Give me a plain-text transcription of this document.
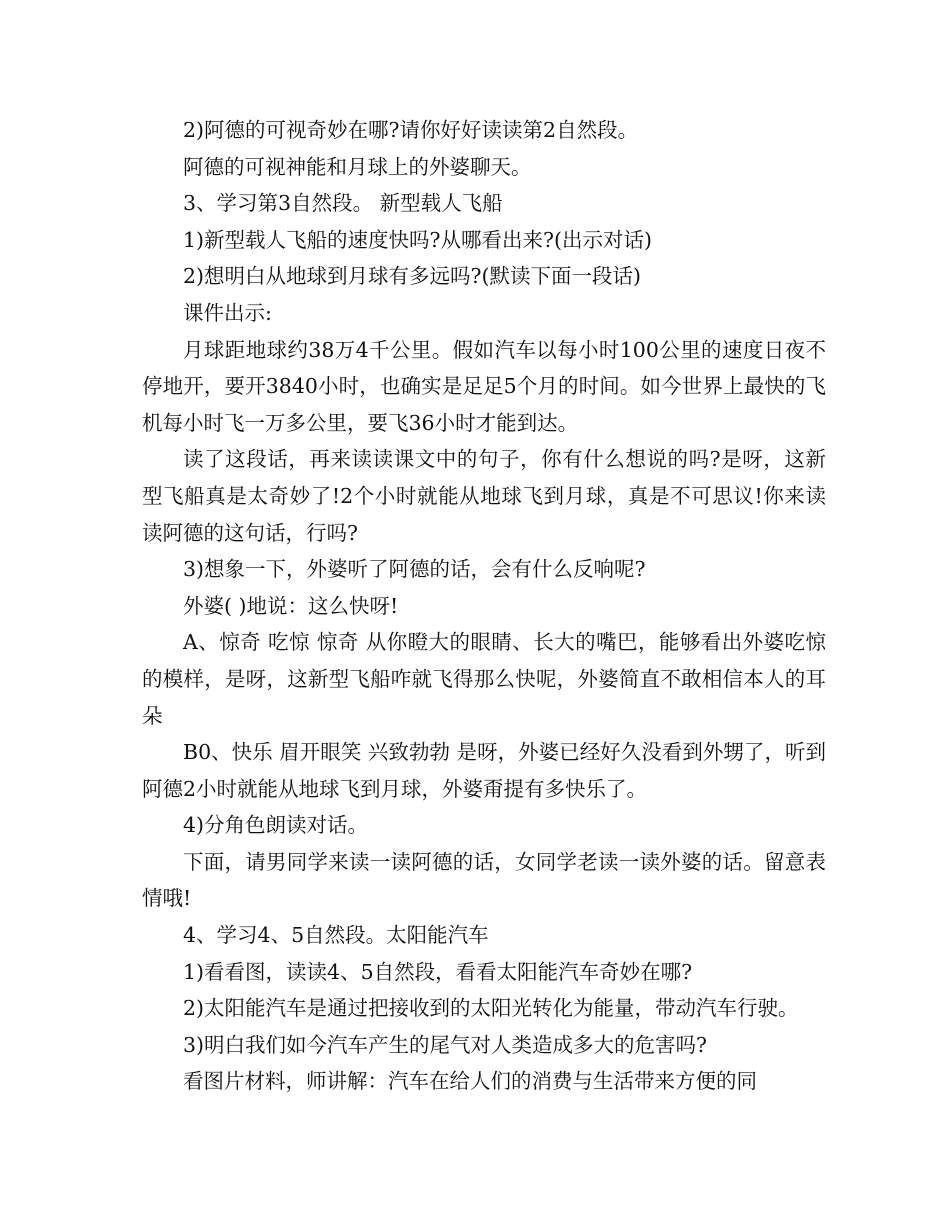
2)阿德的可视奇妙在哪?请你好好读读第2自然段。

阿德的可视神能和月球上的外婆聊天。

3、学习第3自然段。 新型载人飞船

1)新型载人飞船的速度快吗?从哪看出来?(出示对话)

2)想明白从地球到月球有多远吗?(默读下面一段话)

课件出示:

月球距地球约38万4千公里。假如汽车以每小时100公里的速度日夜不停地开，要开3840小时，也确实是足足5个月的时间。如今世界上最快的飞机每小时飞一万多公里，要飞36小时才能到达。

读了这段话，再来读读课文中的句子，你有什么想说的吗?是呀，这新型飞船真是太奇妙了!2个小时就能从地球飞到月球，真是不可思议!你来读读阿德的这句话，行吗?

3)想象一下，外婆听了阿德的话，会有什么反响呢?

外婆( )地说：这么快呀!

A、惊奇 吃惊 惊奇 从你瞪大的眼睛、长大的嘴巴，能够看出外婆吃惊的模样，是呀，这新型飞船咋就飞得那么快呢，外婆简直不敢相信本人的耳朵

B0、快乐 眉开眼笑 兴致勃勃 是呀，外婆已经好久没看到外甥了，听到阿德2小时就能从地球飞到月球，外婆甭提有多快乐了。

4)分角色朗读对话。

下面，请男同学来读一读阿德的话，女同学老读一读外婆的话。留意表情哦!

4、学习4、5自然段。太阳能汽车

1)看看图，读读4、5自然段，看看太阳能汽车奇妙在哪?

2)太阳能汽车是通过把接收到的太阳光转化为能量，带动汽车行驶。

3)明白我们如今汽车产生的尾气对人类造成多大的危害吗?

看图片材料，师讲解：汽车在给人们的消费与生活带来方便的同
